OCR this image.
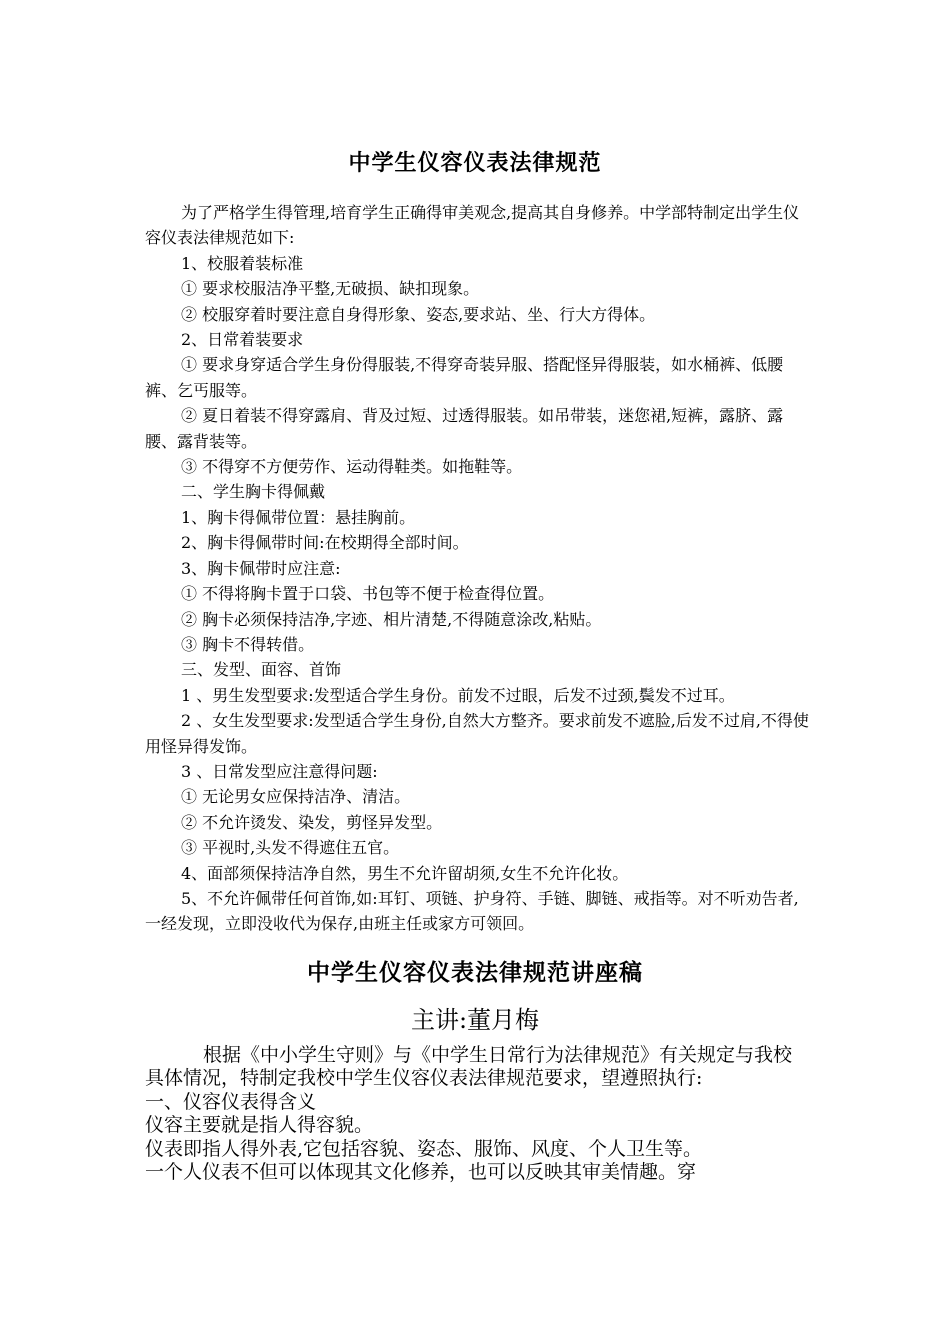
中学生仪容仪表法律规范

为了严格学生得管理,培育学生正确得审美观念,提高其自身修养。中学部特制定出学生仪容仪表法律规范如下:

1、校服着装标准

① 要求校服洁净平整,无破损、缺扣现象。

② 校服穿着时要注意自身得形象、姿态,要求站、坐、行大方得体。

2、日常着装要求

① 要求身穿适合学生身份得服装,不得穿奇装异服、搭配怪异得服装，如水桶裤、低腰裤、乞丐服等。

② 夏日着装不得穿露肩、背及过短、过透得服装。如吊带装，迷您裙,短裤，露脐、露腰、露背装等。

③ 不得穿不方便劳作、运动得鞋类。如拖鞋等。

二、学生胸卡得佩戴

1、胸卡得佩带位置：悬挂胸前。

2、胸卡得佩带时间:在校期得全部时间。

3、胸卡佩带时应注意:

① 不得将胸卡置于口袋、书包等不便于检查得位置。

② 胸卡必须保持洁净,字迹、相片清楚,不得随意涂改,粘贴。

③ 胸卡不得转借。

三、发型、面容、首饰

1 、男生发型要求:发型适合学生身份。前发不过眼，后发不过颈,鬓发不过耳。

2 、女生发型要求:发型适合学生身份,自然大方整齐。要求前发不遮脸,后发不过肩,不得使用怪异得发饰。

3 、日常发型应注意得问题:

① 无论男女应保持洁净、清洁。

② 不允许烫发、染发，剪怪异发型。

③ 平视时,头发不得遮住五官。

4、面部须保持洁净自然，男生不允许留胡须,女生不允许化妆。

5、不允许佩带任何首饰,如:耳钉、项链、护身符、手链、脚链、戒指等。对不听劝告者,一经发现，立即没收代为保存,由班主任或家方可领回。

中学生仪容仪表法律规范讲座稿
主讲:董月梅

根据《中小学生守则》与《中学生日常行为法律规范》有关规定与我校具体情况，特制定我校中学生仪容仪表法律规范要求，望遵照执行:

一、仪容仪表得含义

仪容主要就是指人得容貌。

仪表即指人得外表,它包括容貌、姿态、服饰、风度、个人卫生等。

一个人仪表不但可以体现其文化修养，也可以反映其审美情趣。穿
